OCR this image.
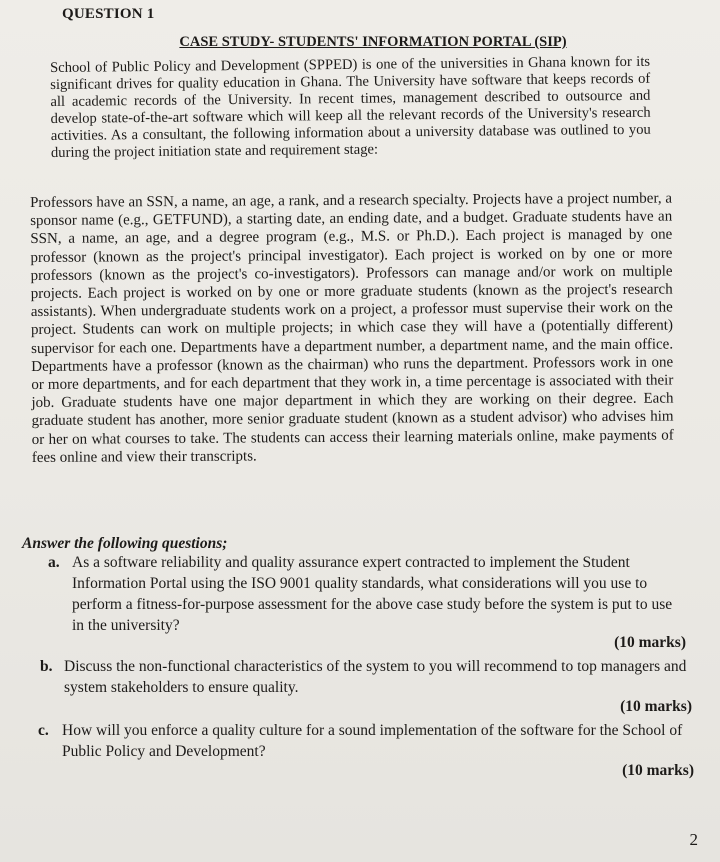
QUESTION 1
CASE STUDY- STUDENTS' INFORMATION PORTAL (SIP)
School of Public Policy and Development (SPPED) is one of the universities in Ghana known for its significant drives for quality education in Ghana. The University have software that keeps records of all academic records of the University. In recent times, management described to outsource and develop state-of-the-art software which will keep all the relevant records of the University's research activities. As a consultant, the following information about a university database was outlined to you during the project initiation state and requirement stage:
Professors have an SSN, a name, an age, a rank, and a research specialty. Projects have a project number, a sponsor name (e.g., GETFUND), a starting date, an ending date, and a budget. Graduate students have an SSN, a name, an age, and a degree program (e.g., M.S. or Ph.D.). Each project is managed by one professor (known as the project's principal investigator). Each project is worked on by one or more professors (known as the project's co-investigators). Professors can manage and/or work on multiple projects. Each project is worked on by one or more graduate students (known as the project's research assistants). When undergraduate students work on a project, a professor must supervise their work on the project. Students can work on multiple projects; in which case they will have a (potentially different) supervisor for each one. Departments have a department number, a department name, and the main office. Departments have a professor (known as the chairman) who runs the department. Professors work in one or more departments, and for each department that they work in, a time percentage is associated with their job. Graduate students have one major department in which they are working on their degree. Each graduate student has another, more senior graduate student (known as a student advisor) who advises him or her on what courses to take. The students can access their learning materials online, make payments of fees online and view their transcripts.
Answer the following questions;
a. As a software reliability and quality assurance expert contracted to implement the Student Information Portal using the ISO 9001 quality standards, what considerations will you use to perform a fitness-for-purpose assessment for the above case study before the system is put to use in the university?
(10 marks)
b. Discuss the non-functional characteristics of the system to you will recommend to top managers and system stakeholders to ensure quality.
(10 marks)
c. How will you enforce a quality culture for a sound implementation of the software for the School of Public Policy and Development?
(10 marks)
2
